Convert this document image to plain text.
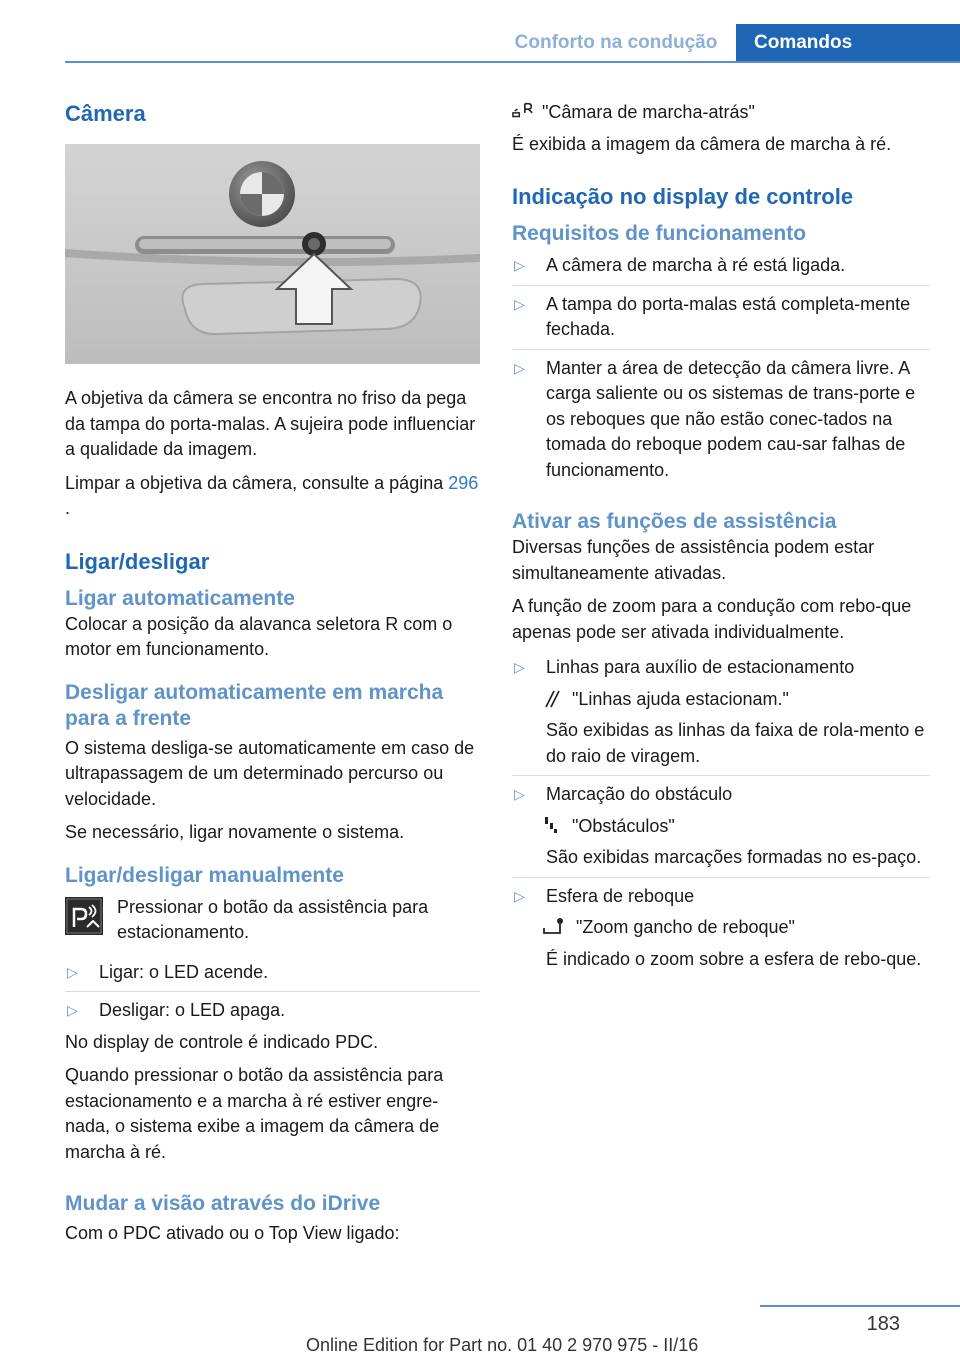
Conforto na condução	Comandos
Câmera

A objetiva da câmera se encontra no friso da pega da tampa do porta-malas. A sujeira pode influenciar a qualidade da imagem.

Limpar a objetiva da câmera, consulte a página 296 .

Ligar/desligar
Ligar automaticamente

Colocar a posição da alavanca seletora R com o motor em funcionamento.

Desligar automaticamente em marcha para a frente

O sistema desliga-se automaticamente em caso de ultrapassagem de um determinado percurso ou velocidade.

Se necessário, ligar novamente o sistema.

Ligar/desligar manualmente

Pressionar o botão da assistência para estacionamento.

▷ Ligar: o LED acende.
▷ Desligar: o LED apaga.

No display de controle é indicado PDC.

Quando pressionar o botão da assistência para estacionamento e a marcha à ré estiver engre-nada, o sistema exibe a imagem da câmera de marcha à ré.

Mudar a visão através do iDrive

Com o PDC ativado ou o Top View ligado:

"Câmara de marcha-atrás"

É exibida a imagem da câmera de marcha à ré.

Indicação no display de controle
Requisitos de funcionamento
▷ A câmera de marcha à ré está ligada.
▷ A tampa do porta-malas está completa-mente fechada.
▷ Manter a área de detecção da câmera livre. A carga saliente ou os sistemas de trans-porte e os reboques que não estão conec-tados na tomada do reboque podem cau-sar falhas de funcionamento.
Ativar as funções de assistência

Diversas funções de assistência podem estar simultaneamente ativadas.

A função de zoom para a condução com rebo-que apenas pode ser ativada individualmente.

▷ Linhas para auxílio de estacionamento

"Linhas ajuda estacionam."

São exibidas as linhas da faixa de rola-mento e do raio de viragem.

▷ Marcação do obstáculo

"Obstáculos"

São exibidas marcações formadas no es-paço.

▷ Esfera de reboque

"Zoom gancho de reboque"

É indicado o zoom sobre a esfera de rebo-que.

183
Online Edition for Part no. 01 40 2 970 975 - II/16
